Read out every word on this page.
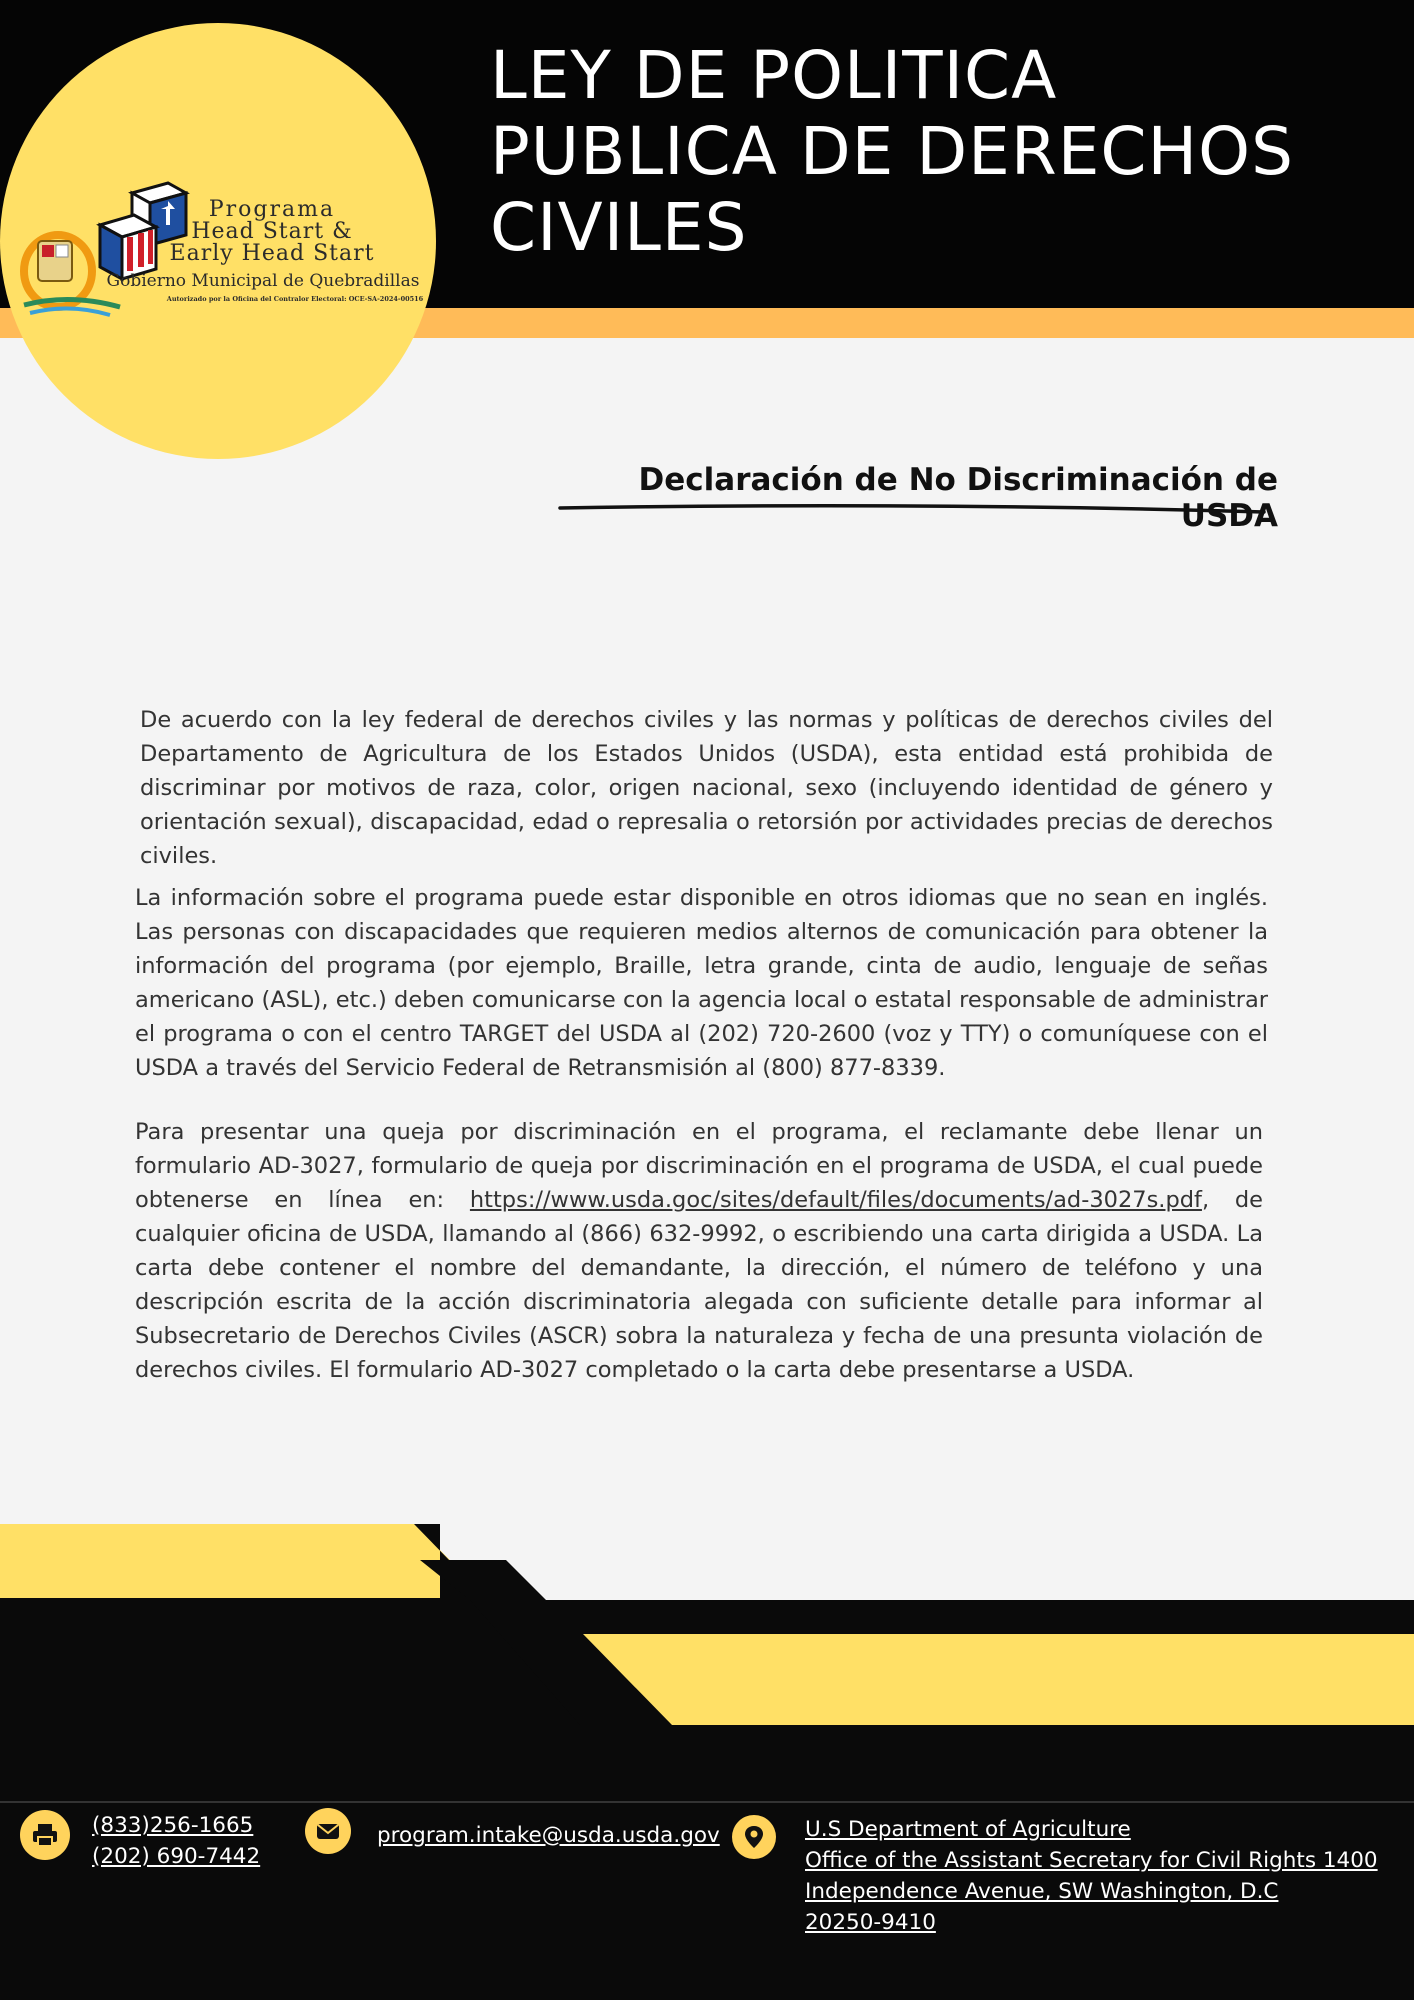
LEY DE POLITICA
PUBLICA DE DERECHOS
CIVILES
Programa
Head Start &
Early Head Start
Gobierno Municipal de Quebradillas
Autorizado por la Oficina del Contralor Electoral: OCE-SA-2024-00516
Declaración de No Discriminación de USDA

De acuerdo con la ley federal de derechos civiles y las normas y políticas de derechos civiles del Departamento de Agricultura de los Estados Unidos (USDA), esta entidad está prohibida de discriminar por motivos de raza, color, origen nacional, sexo (incluyendo identidad de género y orientación sexual), discapacidad, edad o represalia o retorsión por actividades precias de derechos civiles.

La información sobre el programa puede estar disponible en otros idiomas que no sean en inglés. Las personas con discapacidades que requieren medios alternos de comunicación para obtener la información del programa (por ejemplo, Braille, letra grande, cinta de audio, lenguaje de señas americano (ASL), etc.) deben comunicarse con la agencia local o estatal responsable de administrar el programa o con el centro TARGET del USDA al (202) 720-2600 (voz y TTY) o comuníquese con el USDA a través del Servicio Federal de Retransmisión al (800) 877-8339.

Para presentar una queja por discriminación en el programa, el reclamante debe llenar un formulario AD-3027, formulario de queja por discriminación en el programa de USDA, el cual puede obtenerse en línea en: https://www.usda.goc/sites/default/files/documents/ad-3027s.pdf, de cualquier oficina de USDA, llamando al (866) 632-9992, o escribiendo una carta dirigida a USDA. La carta debe contener el nombre del demandante, la dirección, el número de teléfono y una descripción escrita de la acción discriminatoria alegada con suficiente detalle para informar al Subsecretario de Derechos Civiles (ASCR) sobra la naturaleza y fecha de una presunta violación de derechos civiles. El formulario AD-3027 completado o la carta debe presentarse a USDA.

(833)256-1665
(202) 690-7442
program.intake@usda.usda.gov	U.S Department of Agriculture
Office of the Assistant Secretary for Civil Rights 1400
Independence Avenue, SW Washington, D.C
20250-9410
